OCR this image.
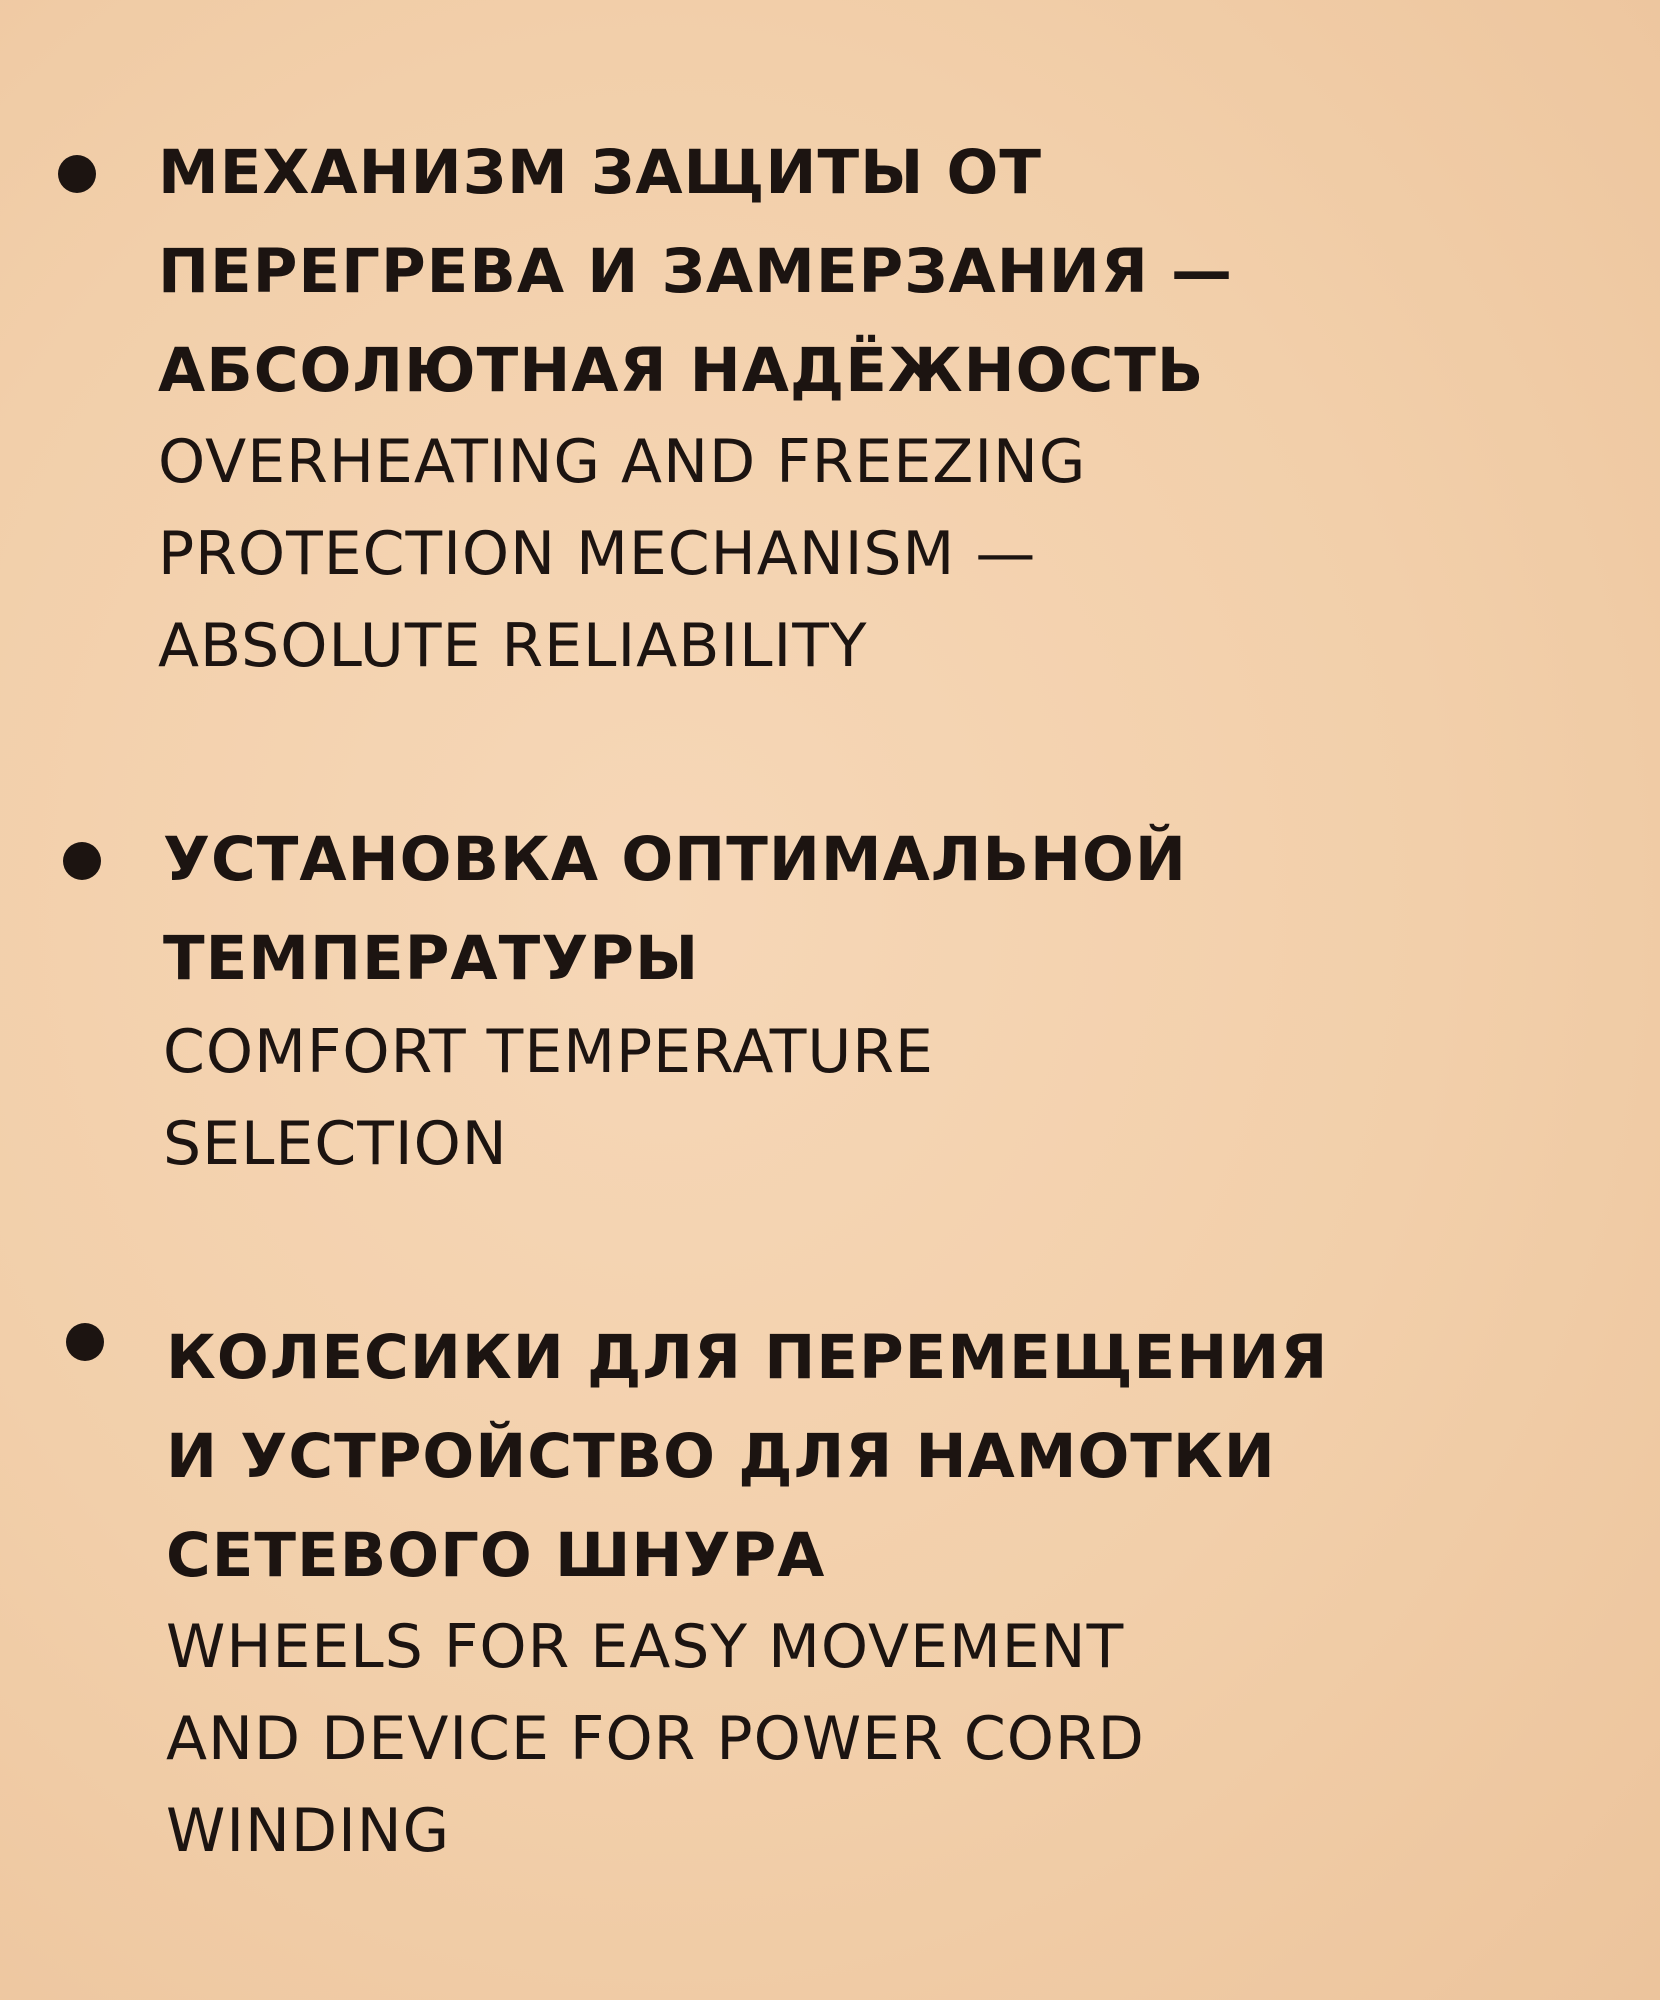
МЕХАНИЗМ ЗАЩИТЫ ОТ
ПЕРЕГРЕВА И ЗАМЕРЗАНИЯ —
АБСОЛЮТНАЯ НАДЁЖНОСТЬ
OVERHEATING AND FREEZING
PROTECTION MECHANISM —
ABSOLUTE RELIABILITY
УСТАНОВКА ОПТИМАЛЬНОЙ
ТЕМПЕРАТУРЫ
COMFORT TEMPERATURE
SELECTION
КОЛЕСИКИ ДЛЯ ПЕРЕМЕЩЕНИЯ
И УСТРОЙСТВО ДЛЯ НАМОТКИ
СЕТЕВОГО ШНУРА
WHEELS FOR EASY MOVEMENT
AND DEVICE FOR POWER CORD
WINDING
